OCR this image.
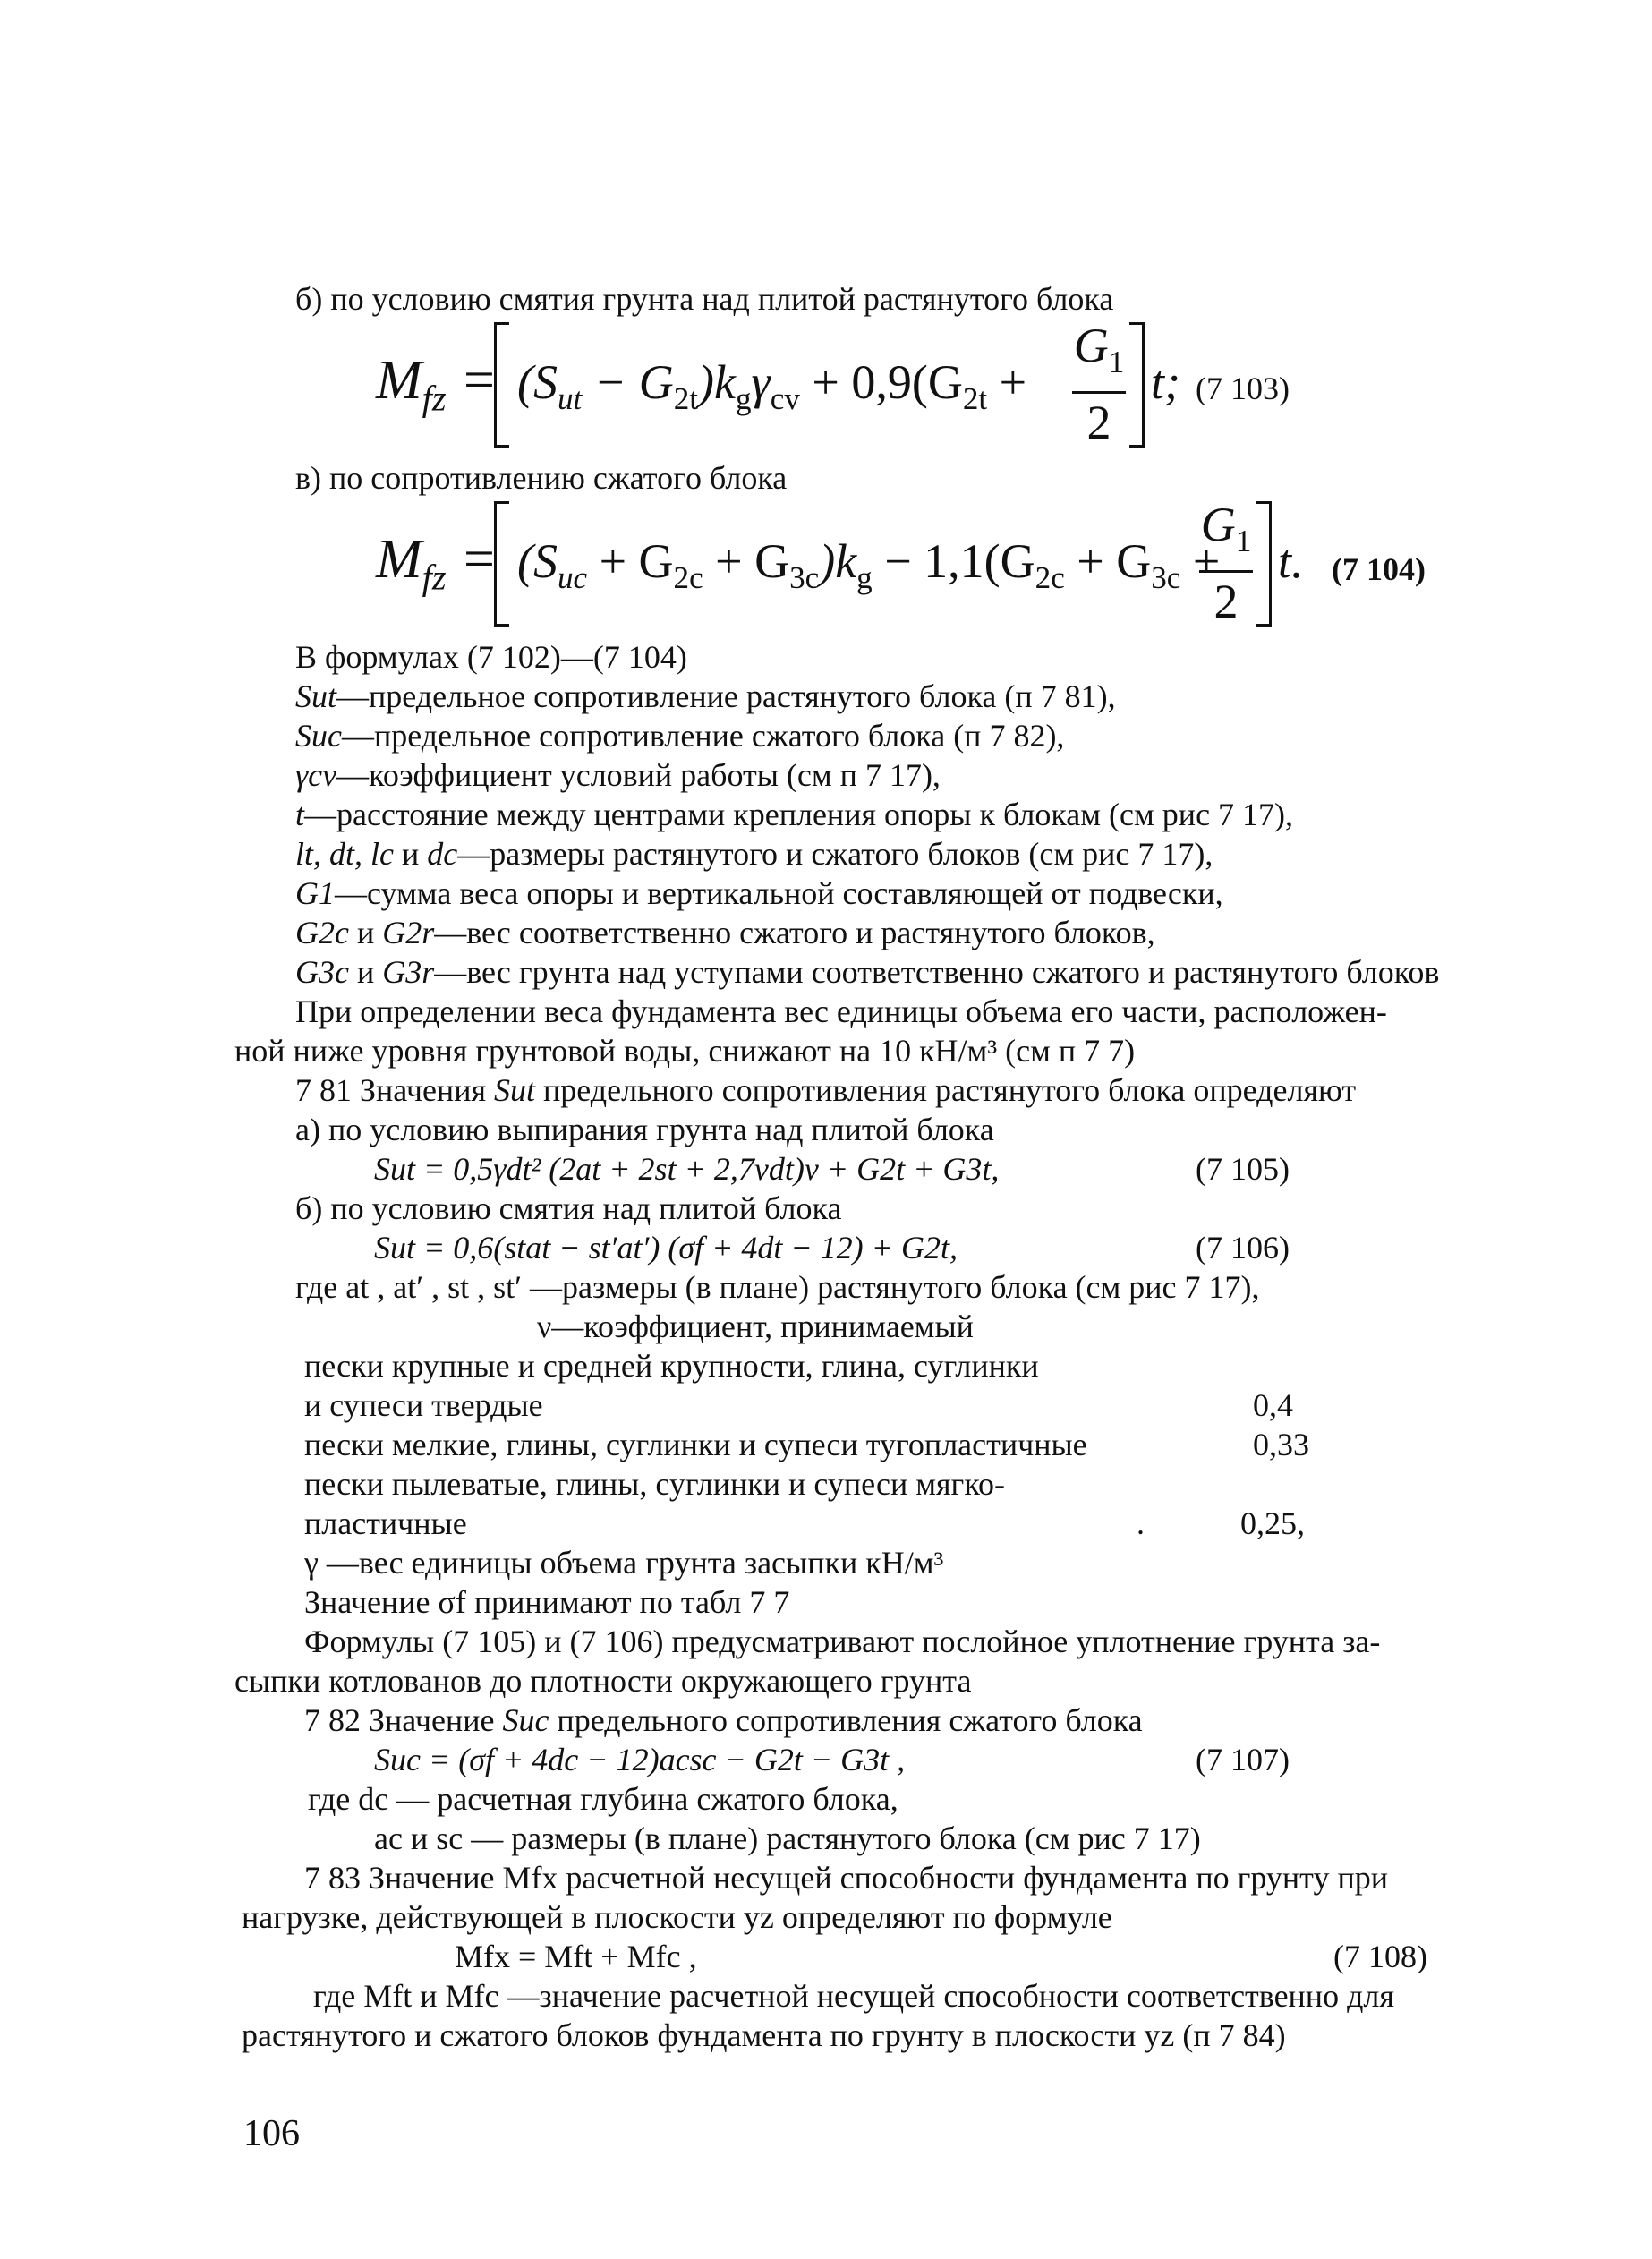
б) по условию смятия грунта над плитой растянутого блока
$M_{fz} = (S_{ut} - G_{2t})k_g\gamma_{cv} + 0,9(G_{2t}$ +
$G_1$
2
t; (7 103)
в) по сопротивлению сжатого блока
$M_{fz} = (S_{uc} + G_{2c} + G_{3c})k_g - 1,1(G_{2c} + G_{3c}$ +
$G_1$
2
t. (7 104)
В формулах (7 102)—(7 104)
Sut—предельное сопротивление растянутого блока (п 7 81),
Suc—предельное сопротивление сжатого блока (п 7 82),
γcv—коэффициент условий работы (см п 7 17),
t—расстояние между центрами крепления опоры к блокам (см рис 7 17),
lt, dt, lc и dc—размеры растянутого и сжатого блоков (см рис 7 17),
G1—сумма веса опоры и вертикальной составляющей от подвески,
G2c и G2r—вес соответственно сжатого и растянутого блоков,
G3c и G3r—вес грунта над уступами соответственно сжатого и растянутого блоков
При определении веса фундамента вес единицы объема его части, расположен-
ной ниже уровня грунтовой воды, снижают на 10 кН/м³ (см п 7 7)
7 81 Значения Sut предельного сопротивления растянутого блока определяют
а) по условию выпирания грунта над плитой блока
Sut = 0,5γdt² (2at + 2st + 2,7νdt)ν + G2t + G3t,	(7 105)
б) по условию смятия над плитой блока
Sut = 0,6(stat − st′at′) (σf + 4dt − 12) + G2t,	(7 106)
где at , at′ , st , st′ —размеры (в плане) растянутого блока (см рис 7 17),
ν—коэффициент, принимаемый
пески крупные и средней крупности, глина, суглинки
и супеси твердые	0,4
пески мелкие, глины, суглинки и супеси тугопластичные	0,33
пески пылеватые, глины, суглинки и супеси мягко-
пластичные	.	0,25,
γ —вес единицы объема грунта засыпки кН/м³
Значение σf принимают по табл 7 7
Формулы (7 105) и (7 106) предусматривают послойное уплотнение грунта за-
сыпки котлованов до плотности окружающего грунта
7 82 Значение Suc предельного сопротивления сжатого блока
Suc = (σf + 4dc − 12)acsc − G2t − G3t ,	(7 107)
где dc — расчетная глубина сжатого блока,
ac и sc — размеры (в плане) растянутого блока (см рис 7 17)
7 83 Значение Mfx расчетной несущей способности фундамента по грунту при
нагрузке, действующей в плоскости yz определяют по формуле
Mfx = Mft + Mfc ,	(7 108)
где Mft и Mfc —значение расчетной несущей способности соответственно для
растянутого и сжатого блоков фундамента по грунту в плоскости yz (п 7 84)
106
